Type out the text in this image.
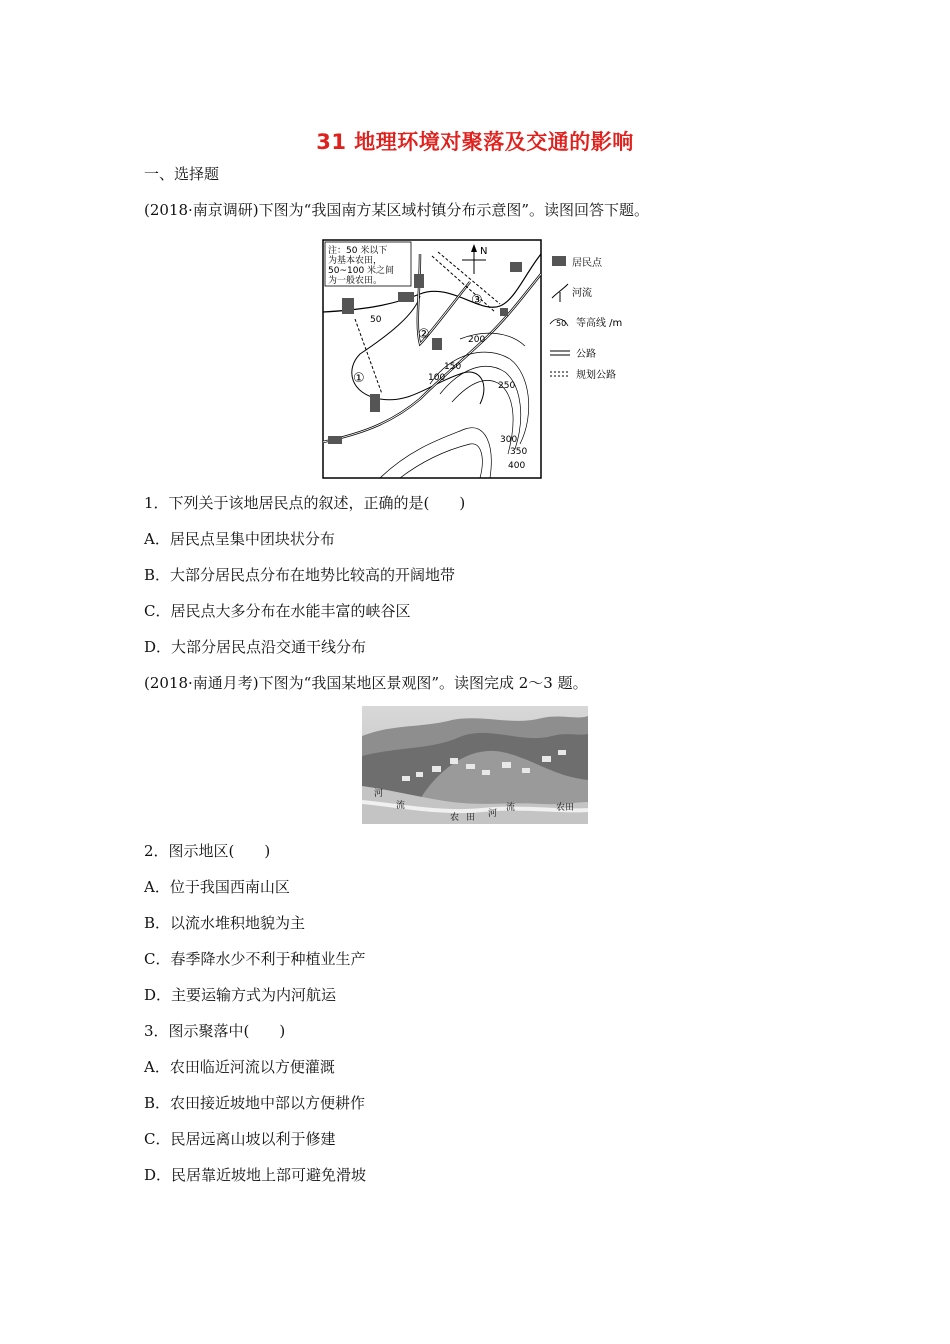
31 地理环境对聚落及交通的影响
一、选择题
(2018·南京调研)下图为“我国南方某区域村镇分布示意图”。读图回答下题。
注：50 米以下
为基本农田，
50~100 米之间
为一般农田。
N
①
②
③
50
100
150
200
250
300
350
400
居民点
河流
50 等高线 /m
公路
规划公路
1．下列关于该地居民点的叙述，正确的是(　　)
A．居民点呈集中团块状分布
B．大部分居民点分布在地势比较高的开阔地带
C．居民点大多分布在水能丰富的峡谷区
D．大部分居民点沿交通干线分布
(2018·南通月考)下图为“我国某地区景观图”。读图完成 2～3 题。
河
流
农 田 河
流	农田
2．图示地区(　　)
A．位于我国西南山区
B．以流水堆积地貌为主
C．春季降水少不利于种植业生产
D．主要运输方式为内河航运
3．图示聚落中(　　)
A．农田临近河流以方便灌溉
B．农田接近坡地中部以方便耕作
C．民居远离山坡以利于修建
D．民居靠近坡地上部可避免滑坡
